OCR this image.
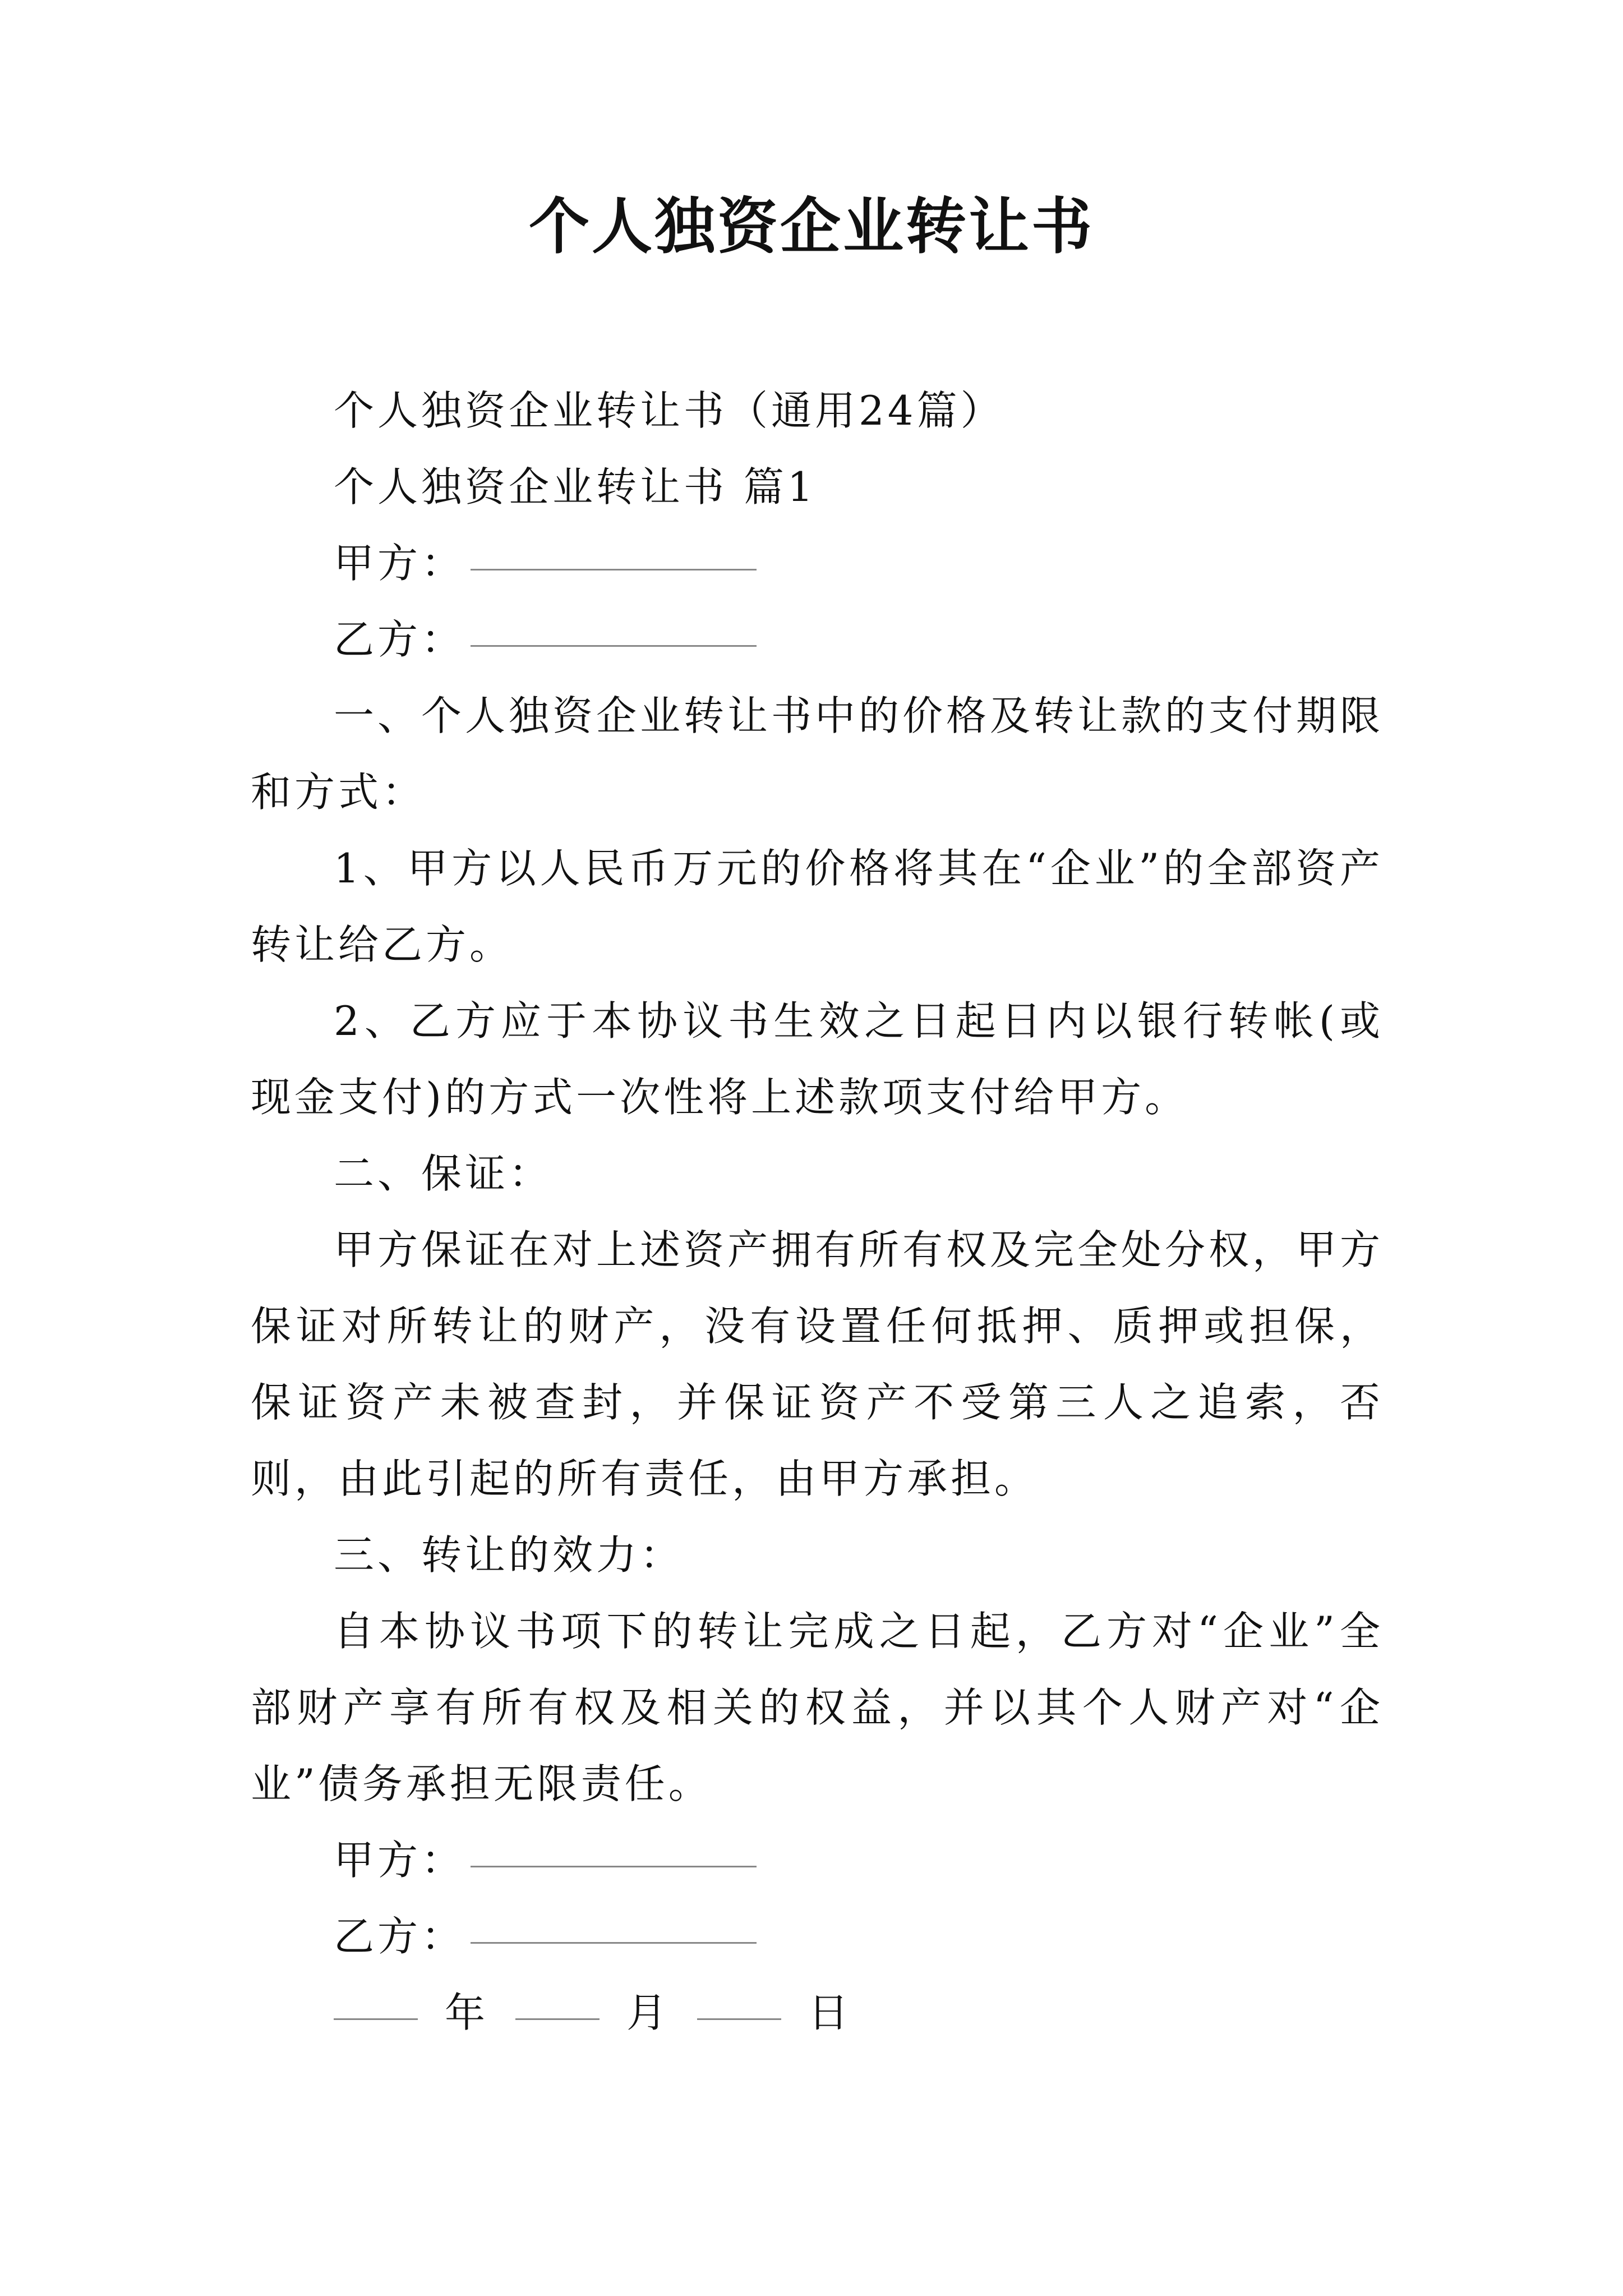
个人独资企业转让书

个人独资企业转让书（通用24篇）

个人独资企业转让书 篇1

甲方：

乙方：

一、个人独资企业转让书中的价格及转让款的支付期限和方式：

1、甲方以人民币万元的价格将其在“企业”的全部资产转让给乙方。

2、乙方应于本协议书生效之日起日内以银行转帐(或现金支付)的方式一次性将上述款项支付给甲方。

二、保证：

甲方保证在对上述资产拥有所有权及完全处分权，甲方保证对所转让的财产，没有设置任何抵押、质押或担保，保证资产未被查封，并保证资产不受第三人之追索，否则，由此引起的所有责任，由甲方承担。

三、转让的效力：

自本协议书项下的转让完成之日起，乙方对“企业”全部财产享有所有权及相关的权益，并以其个人财产对“企业”债务承担无限责任。

甲方：

乙方：

年	月	日
